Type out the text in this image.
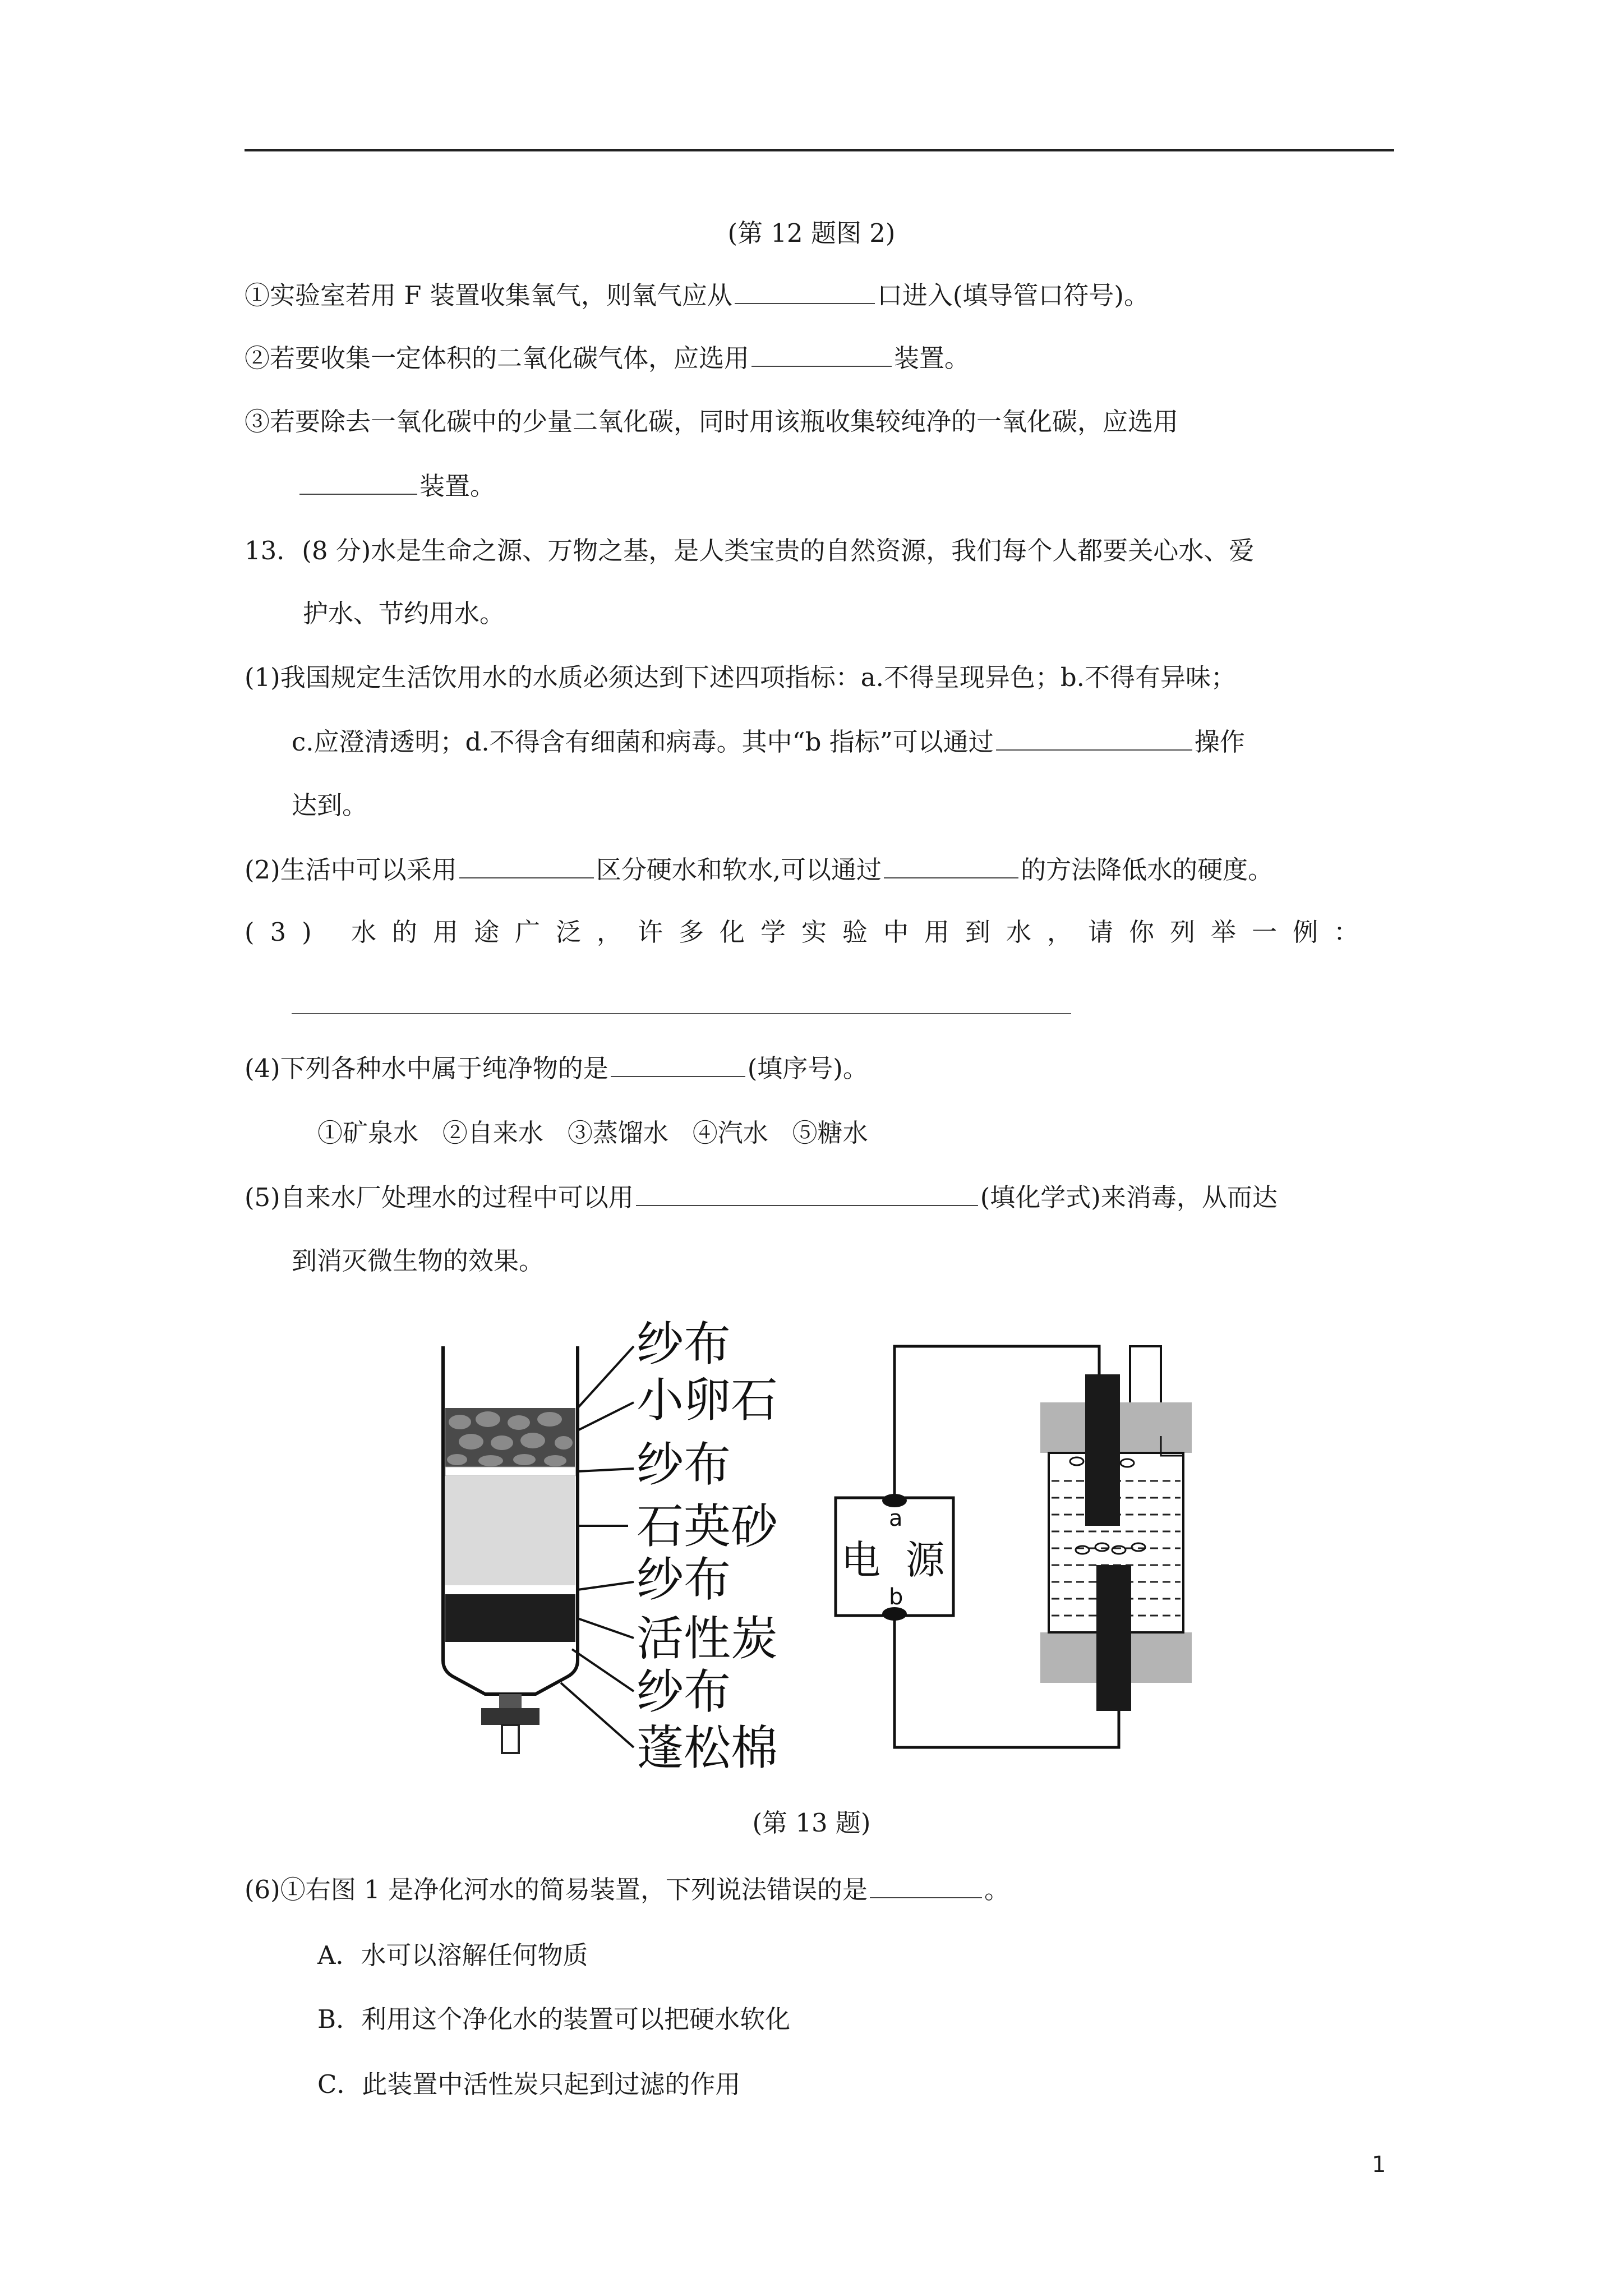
(第 12 题图 2)
①实验室若用 F 装置收集氧气，则氧气应从	口进入(填导管口符号)。
②若要收集一定体积的二氧化碳气体，应选用	装置。
③若要除去一氧化碳中的少量二氧化碳，同时用该瓶收集较纯净的一氧化碳，应选用
装置。
13．(8 分)水是生命之源、万物之基，是人类宝贵的自然资源，我们每个人都要关心水、爱
护水、节约用水。
(1)我国规定生活饮用水的水质必须达到下述四项指标：a.不得呈现异色；b.不得有异味；
c.应澄清透明；d.不得含有细菌和病毒。其中“b 指标”可以通过	操作
达到。
(2)生活中可以采用	区分硬水和软水,可以通过	的方法降低水的硬度。
(3) 水的用途广泛，许多化学实验中用到水，请你列举一例：
(4)下列各种水中属于纯净物的是	(填序号)。
①矿泉水   ②自来水   ③蒸馏水   ④汽水   ⑤糖水
(5)自来水厂处理水的过程中可以用	(填化学式)来消毒，从而达
到消灭微生物的效果。
纱布
小卵石
纱布
石英砂
纱布
活性炭
纱布
蓬松棉
电  源
a
b
(第 13 题)
(6)①右图 1 是净化河水的简易装置，下列说法错误的是	。
A．水可以溶解任何物质
B．利用这个净化水的装置可以把硬水软化
C．此装置中活性炭只起到过滤的作用
1
